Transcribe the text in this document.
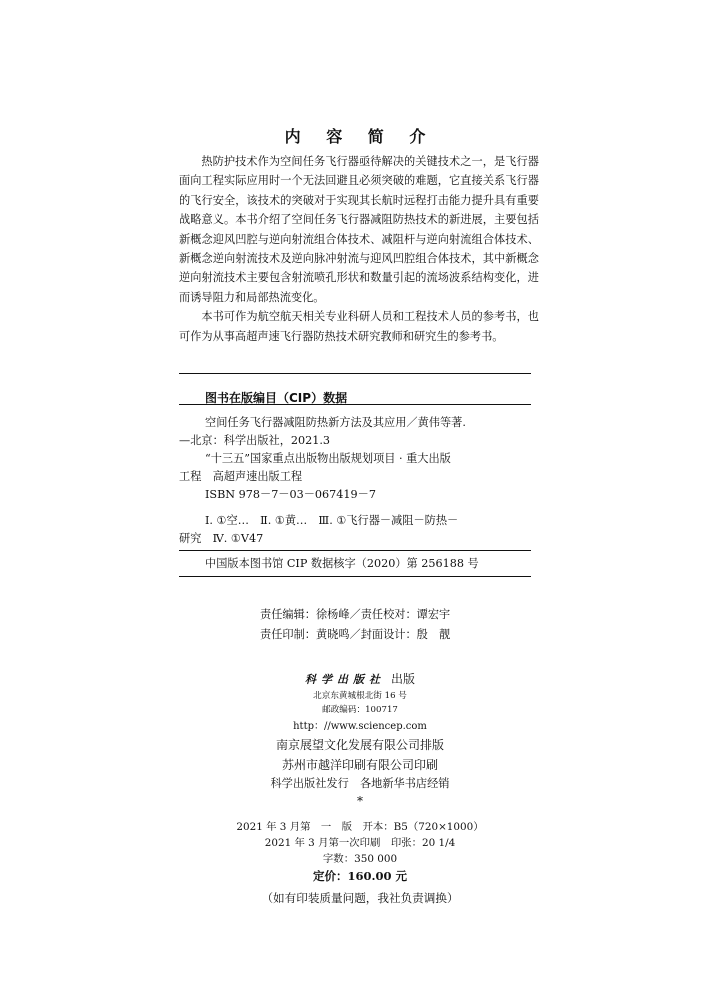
内 容 简 介

热防护技术作为空间任务飞行器亟待解决的关键技术之一，是飞行器面向工程实际应用时一个无法回避且必须突破的难题，它直接关系飞行器的飞行安全，该技术的突破对于实现其长航时远程打击能力提升具有重要战略意义。本书介绍了空间任务飞行器减阻防热技术的新进展，主要包括新概念迎风凹腔与逆向射流组合体技术、减阻杆与逆向射流组合体技术、新概念逆向射流技术及逆向脉冲射流与迎风凹腔组合体技术，其中新概念逆向射流技术主要包含射流喷孔形状和数量引起的流场波系结构变化，进而诱导阻力和局部热流变化。

本书可作为航空航天相关专业科研人员和工程技术人员的参考书，也可作为从事高超声速飞行器防热技术研究教师和研究生的参考书。

图书在版编目（CIP）数据
空间任务飞行器减阻防热新方法及其应用／黄伟等著.
—北京：科学出版社，2021.3
“十三五”国家重点出版物出版规划项目 · 重大出版
工程　高超声速出版工程
ISBN 978－7－03－067419－7
Ⅰ. ①空…　Ⅱ. ①黄…　Ⅲ. ①飞行器－减阻－防热－
研究　Ⅳ. ①V47
中国版本图书馆 CIP 数据核字（2020）第 256188 号
责任编辑：徐杨峰／责任校对：谭宏宇
责任印制：黄晓鸣／封面设计：殷　靓
科学出版社 出版
北京东黄城根北街 16 号
邮政编码：100717
http：//www.sciencep.com
南京展望文化发展有限公司排版
苏州市越洋印刷有限公司印刷
科学出版社发行　各地新华书店经销
*
2021 年 3 月第　一　版　开本：B5（720×1000）
2021 年 3 月第一次印刷　印张：20 1/4
字数：350 000
定价：160.00 元
（如有印装质量问题，我社负责调换）
